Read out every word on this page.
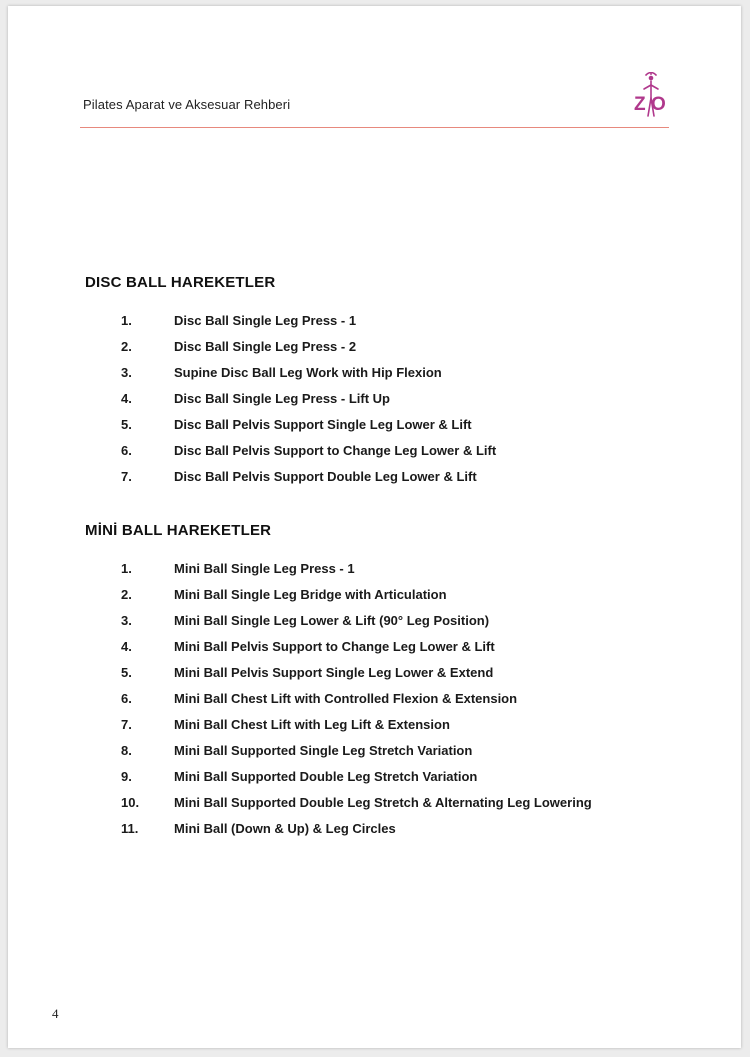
Pilates Aparat ve Aksesuar Rehberi	Z O
DISC BALL HAREKETLER
1.	Disc Ball Single Leg Press - 1
2.	Disc Ball Single Leg Press - 2
3.	Supine Disc Ball Leg Work with Hip Flexion
4.	Disc Ball Single Leg Press - Lift Up
5.	Disc Ball Pelvis Support Single Leg Lower & Lift
6.	Disc Ball Pelvis Support to Change Leg Lower & Lift
7.	Disc Ball Pelvis Support Double Leg Lower & Lift
MİNİ BALL HAREKETLER
1.	Mini Ball Single Leg Press - 1
2.	Mini Ball Single Leg Bridge with Articulation
3.	Mini Ball Single Leg Lower & Lift (90° Leg Position)
4.	Mini Ball Pelvis Support to Change Leg Lower & Lift
5.	Mini Ball Pelvis Support Single Leg Lower & Extend
6.	Mini Ball Chest Lift with Controlled Flexion & Extension
7.	Mini Ball Chest Lift with Leg Lift & Extension
8.	Mini Ball Supported Single Leg Stretch Variation
9.	Mini Ball Supported Double Leg Stretch Variation
10.	Mini Ball Supported Double Leg Stretch & Alternating Leg Lowering
11.	Mini Ball (Down & Up) & Leg Circles
4
